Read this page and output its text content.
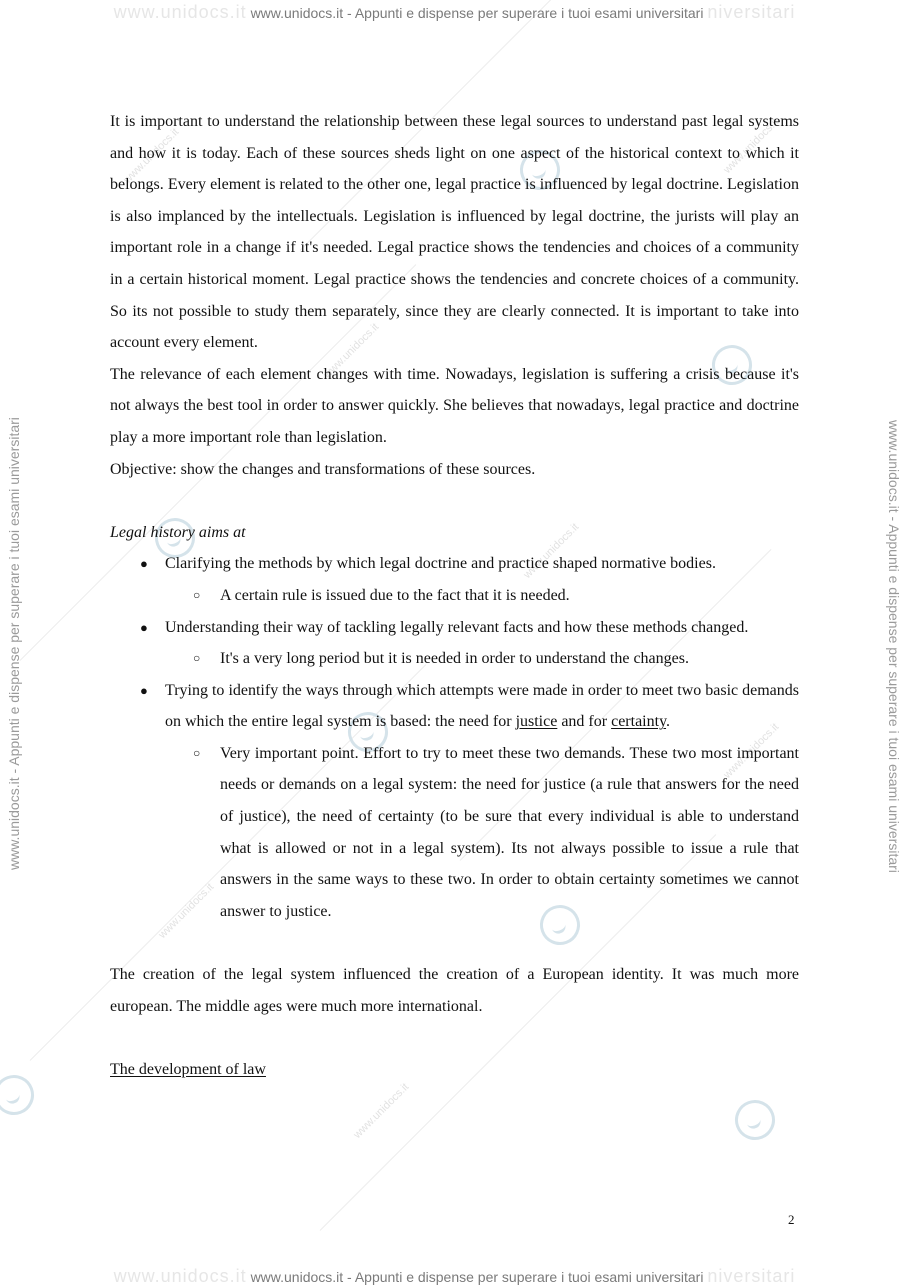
www.unidocs.it
www.unidocs.it
www.unidocs.it
www.unidocs.it
www.unidocs.it
www.unidocs.it
www.unidocs.it
www.unidocs.it www.unidocs.it - Appunti e dispense per superare i tuoi esami universitari niversitari
www.unidocs.it www.unidocs.it - Appunti e dispense per superare i tuoi esami universitari niversitari
www.unidocs.it - Appunti e dispense per superare i tuoi esami universitari	www.unidocs.it - Appunti e dispense per superare i tuoi esami universitari

It is important to understand the relationship between these legal sources to understand past legal systems and how it is today. Each of these sources sheds light on one aspect of the historical context to which it belongs. Every element is related to the other one, legal practice is influenced by legal doctrine. Legislation is also implanced by the intellectuals. Legislation is influenced by legal doctrine, the jurists will play an important role in a change if it's needed. Legal practice shows the tendencies and choices of a community in a certain historical moment. Legal practice shows the tendencies and concrete choices of a community. So its not possible to study them separately, since they are clearly connected. It is important to take into account every element.

The relevance of each element changes with time. Nowadays, legislation is suffering a crisis because it's not always the best tool in order to answer quickly. She believes that nowadays, legal practice and doctrine play a more important role than legislation.

Objective: show the changes and transformations of these sources.

Legal history aims at

● Clarifying the methods by which legal doctrine and practice shaped normative bodies.
○ A certain rule is issued due to the fact that it is needed.
● Understanding their way of tackling legally relevant facts and how these methods changed.
○ It's a very long period but it is needed in order to understand the changes.
● Trying to identify the ways through which attempts were made in order to meet two basic demands on which the entire legal system is based: the need for justice and for certainty.
○ Very important point. Effort to try to meet these two demands. These two most important needs or demands on a legal system: the need for justice (a rule that answers for the need of justice), the need of certainty (to be sure that every individual is able to understand what is allowed or not in a legal system). Its not always possible to issue a rule that answers in the same ways to these two. In order to obtain certainty sometimes we cannot answer to justice.

The creation of the legal system influenced the creation of a European identity. It was much more european. The middle ages were much more international.

The development of law

2
